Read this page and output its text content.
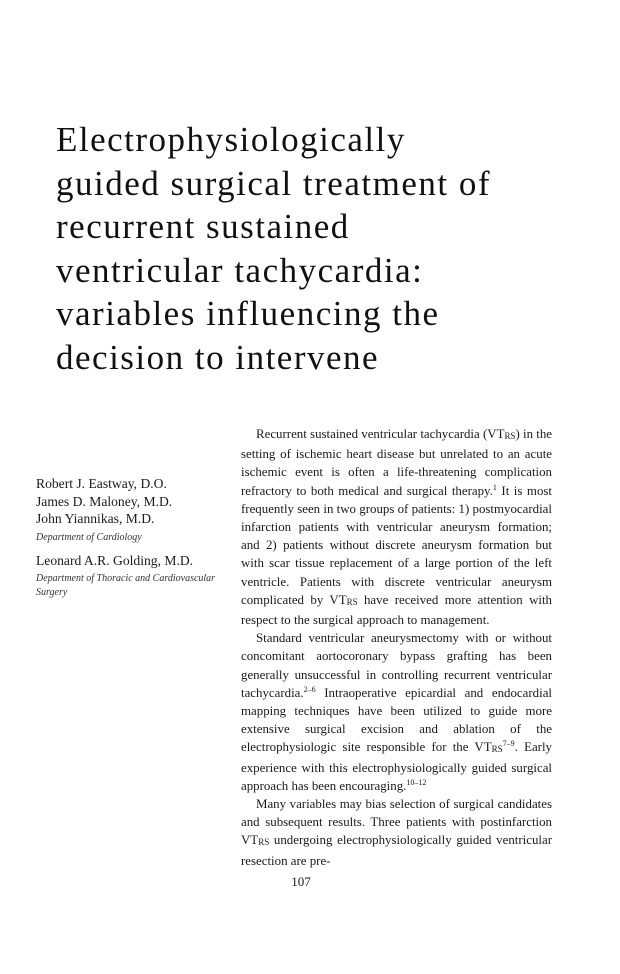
Electrophysiologically
guided surgical treatment of
recurrent sustained
ventricular tachycardia:
variables influencing the
decision to intervene
Robert J. Eastway, D.O.
James D. Maloney, M.D.
John Yiannikas, M.D.
Department of Cardiology
Leonard A.R. Golding, M.D.
Department of Thoracic and Cardiovascular Surgery

Recurrent sustained ventricular tachycardia (VTRS) in the setting of ischemic heart disease but unrelated to an acute ischemic event is often a life-threatening complication refractory to both medical and surgical therapy.$^1$ It is most frequently seen in two groups of patients: 1) postmyocardial infarction patients with ventricular aneurysm formation; and 2) patients without discrete aneurysm formation but with scar tissue replacement of a large portion of the left ventricle. Patients with discrete ventricular aneurysm complicated by VTRS have received more attention with respect to the surgical approach to management.

Standard ventricular aneurysmectomy with or without concomitant aortocoronary bypass grafting has been generally unsuccessful in controlling recurrent ventricular tachycardia.$^{2-6}$ Intraoperative epicardial and endocardial mapping techniques have been utilized to guide more extensive surgical excision and ablation of the electrophysiologic site responsible for the VTRS$^{7-9}$. Early experience with this electrophysiologically guided surgical approach has been encouraging.$^{10-12}$

Many variables may bias selection of surgical candidates and subsequent results. Three patients with postinfarction VTRS undergoing electrophysiologically guided ventricular resection are pre-

107
